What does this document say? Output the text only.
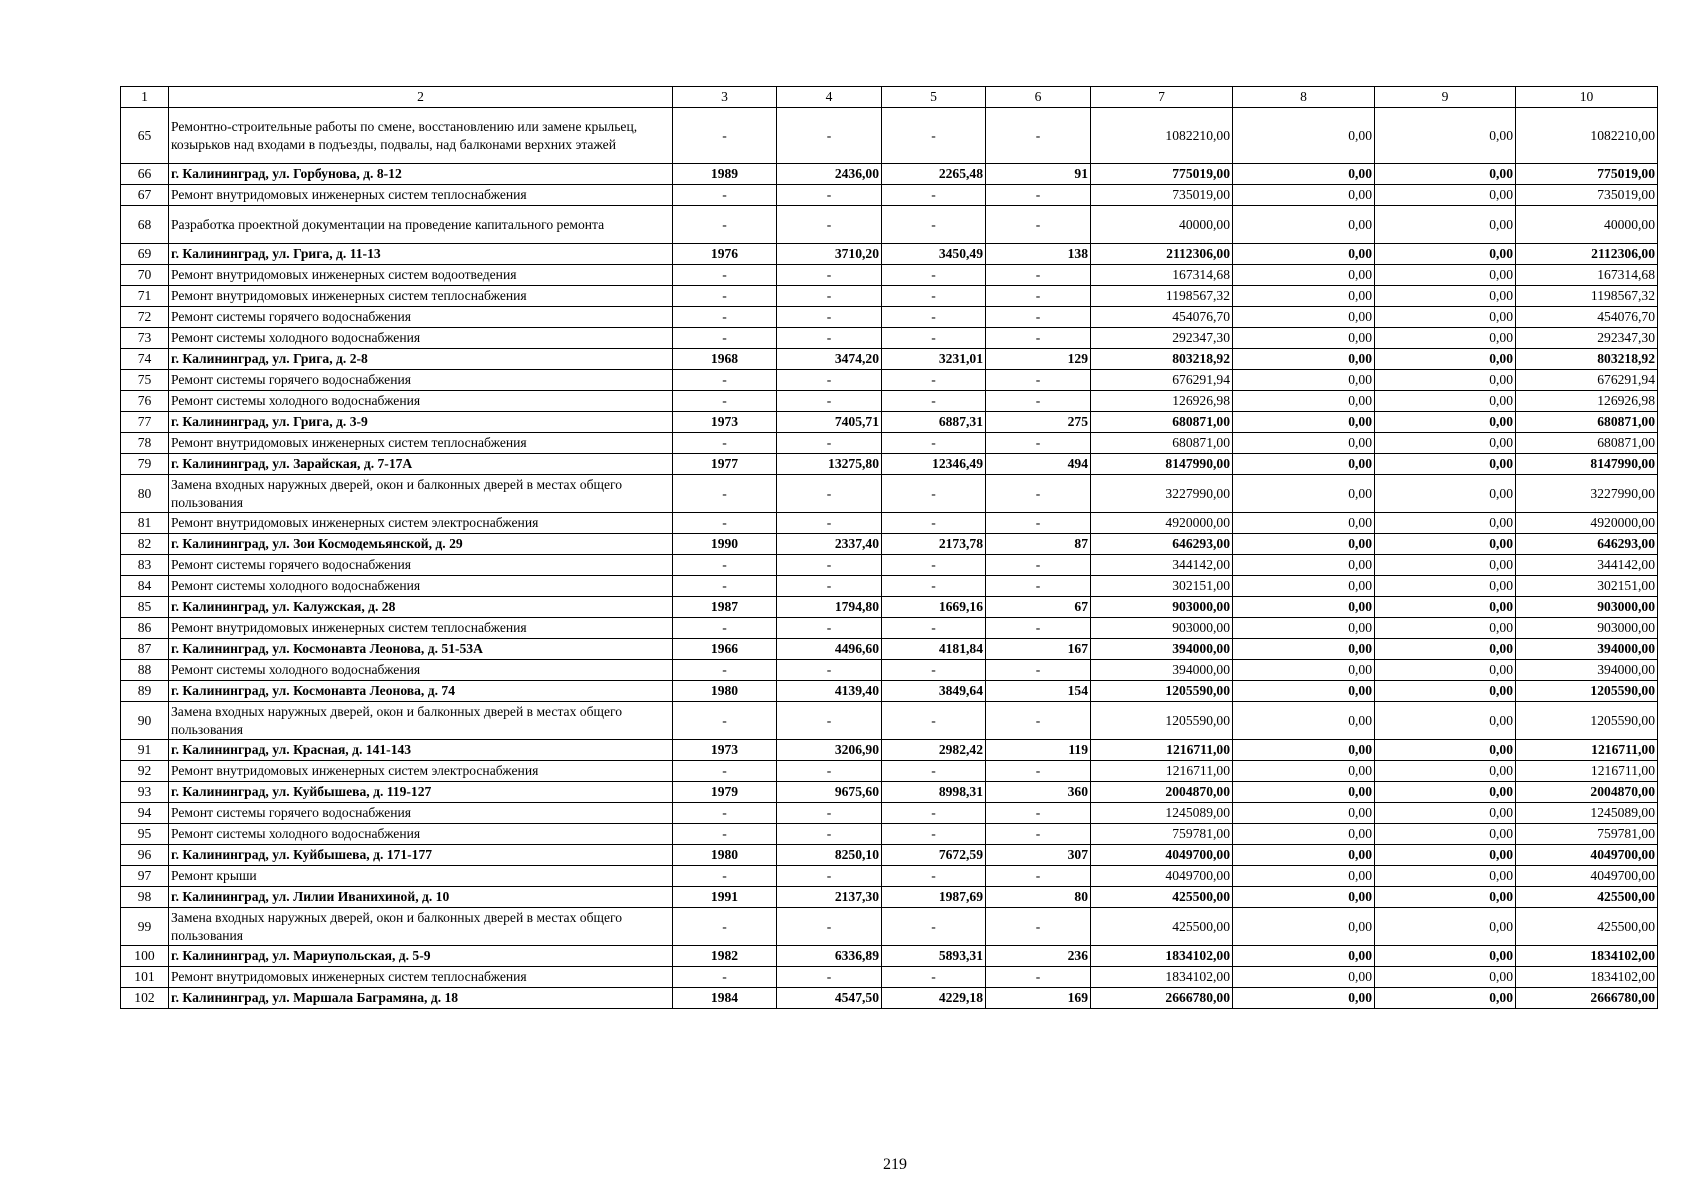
1	2	3	4	5	6	7	8	9	10
65	Ремонтно-строительные работы по смене, восстановлению или замене крыльец, козырьков над входами в подъезды, подвалы, над балконами верхних этажей	-	-	-	-	1082210,00	0,00	0,00	1082210,00
66	г. Калининград, ул. Горбунова, д. 8-12	1989	2436,00	2265,48	91	775019,00	0,00	0,00	775019,00
67	Ремонт внутридомовых инженерных систем теплоснабжения	-	-	-	-	735019,00	0,00	0,00	735019,00
68	Разработка проектной документации на проведение капитального ремонта	-	-	-	-	40000,00	0,00	0,00	40000,00
69	г. Калининград, ул. Грига, д. 11-13	1976	3710,20	3450,49	138	2112306,00	0,00	0,00	2112306,00
70	Ремонт внутридомовых инженерных систем водоотведения	-	-	-	-	167314,68	0,00	0,00	167314,68
71	Ремонт внутридомовых инженерных систем теплоснабжения	-	-	-	-	1198567,32	0,00	0,00	1198567,32
72	Ремонт системы горячего водоснабжения	-	-	-	-	454076,70	0,00	0,00	454076,70
73	Ремонт системы холодного водоснабжения	-	-	-	-	292347,30	0,00	0,00	292347,30
74	г. Калининград, ул. Грига, д. 2-8	1968	3474,20	3231,01	129	803218,92	0,00	0,00	803218,92
75	Ремонт системы горячего водоснабжения	-	-	-	-	676291,94	0,00	0,00	676291,94
76	Ремонт системы холодного водоснабжения	-	-	-	-	126926,98	0,00	0,00	126926,98
77	г. Калининград, ул. Грига, д. 3-9	1973	7405,71	6887,31	275	680871,00	0,00	0,00	680871,00
78	Ремонт внутридомовых инженерных систем теплоснабжения	-	-	-	-	680871,00	0,00	0,00	680871,00
79	г. Калининград, ул. Зарайская, д. 7-17А	1977	13275,80	12346,49	494	8147990,00	0,00	0,00	8147990,00
80	Замена входных наружных дверей, окон и балконных дверей в местах общего пользования	-	-	-	-	3227990,00	0,00	0,00	3227990,00
81	Ремонт внутридомовых инженерных систем электроснабжения	-	-	-	-	4920000,00	0,00	0,00	4920000,00
82	г. Калининград, ул. Зои Космодемьянской, д. 29	1990	2337,40	2173,78	87	646293,00	0,00	0,00	646293,00
83	Ремонт системы горячего водоснабжения	-	-	-	-	344142,00	0,00	0,00	344142,00
84	Ремонт системы холодного водоснабжения	-	-	-	-	302151,00	0,00	0,00	302151,00
85	г. Калининград, ул. Калужская, д. 28	1987	1794,80	1669,16	67	903000,00	0,00	0,00	903000,00
86	Ремонт внутридомовых инженерных систем теплоснабжения	-	-	-	-	903000,00	0,00	0,00	903000,00
87	г. Калининград, ул. Космонавта Леонова, д. 51-53А	1966	4496,60	4181,84	167	394000,00	0,00	0,00	394000,00
88	Ремонт системы холодного водоснабжения	-	-	-	-	394000,00	0,00	0,00	394000,00
89	г. Калининград, ул. Космонавта Леонова, д. 74	1980	4139,40	3849,64	154	1205590,00	0,00	0,00	1205590,00
90	Замена входных наружных дверей, окон и балконных дверей в местах общего пользования	-	-	-	-	1205590,00	0,00	0,00	1205590,00
91	г. Калининград, ул. Красная, д. 141-143	1973	3206,90	2982,42	119	1216711,00	0,00	0,00	1216711,00
92	Ремонт внутридомовых инженерных систем электроснабжения	-	-	-	-	1216711,00	0,00	0,00	1216711,00
93	г. Калининград, ул. Куйбышева, д. 119-127	1979	9675,60	8998,31	360	2004870,00	0,00	0,00	2004870,00
94	Ремонт системы горячего водоснабжения	-	-	-	-	1245089,00	0,00	0,00	1245089,00
95	Ремонт системы холодного водоснабжения	-	-	-	-	759781,00	0,00	0,00	759781,00
96	г. Калининград, ул. Куйбышева, д. 171-177	1980	8250,10	7672,59	307	4049700,00	0,00	0,00	4049700,00
97	Ремонт крыши	-	-	-	-	4049700,00	0,00	0,00	4049700,00
98	г. Калининград, ул. Лилии Иванихиной, д. 10	1991	2137,30	1987,69	80	425500,00	0,00	0,00	425500,00
99	Замена входных наружных дверей, окон и балконных дверей в местах общего пользования	-	-	-	-	425500,00	0,00	0,00	425500,00
100	г. Калининград, ул. Мариупольская, д. 5-9	1982	6336,89	5893,31	236	1834102,00	0,00	0,00	1834102,00
101	Ремонт внутридомовых инженерных систем теплоснабжения	-	-	-	-	1834102,00	0,00	0,00	1834102,00
102	г. Калининград, ул. Маршала Баграмяна, д. 18	1984	4547,50	4229,18	169	2666780,00	0,00	0,00	2666780,00
219
